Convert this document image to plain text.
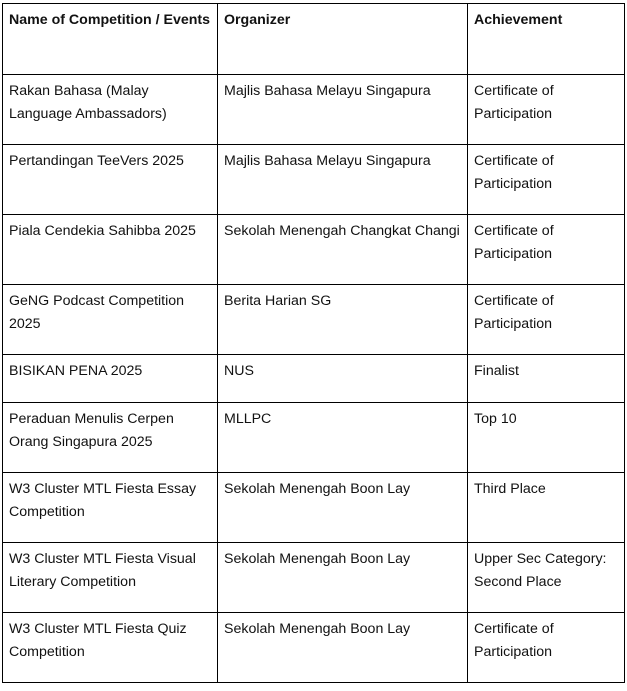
Name of Competition / Events	Organizer	Achievement
Rakan Bahasa (Malay Language Ambassadors)	Majlis Bahasa Melayu Singapura	Certificate of Participation
Pertandingan TeeVers 2025	Majlis Bahasa Melayu Singapura	Certificate of Participation
Piala Cendekia Sahibba 2025	Sekolah Menengah Changkat Changi	Certificate of Participation
GeNG Podcast Competition 2025	Berita Harian SG	Certificate of Participation
BISIKAN PENA 2025	NUS	Finalist
Peraduan Menulis Cerpen Orang Singapura 2025	MLLPC	Top 10
W3 Cluster MTL Fiesta Essay Competition	Sekolah Menengah Boon Lay	Third Place
W3 Cluster MTL Fiesta Visual Literary Competition	Sekolah Menengah Boon Lay	Upper Sec Category: Second Place
W3 Cluster MTL Fiesta Quiz Competition	Sekolah Menengah Boon Lay	Certificate of Participation
